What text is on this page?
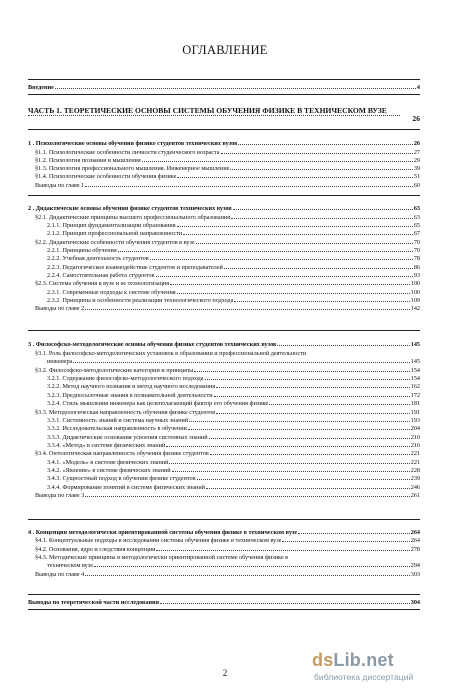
ОГЛАВЛЕНИЕ
Введение	4
ЧАСТЬ 1. ТЕОРЕТИЧЕСКИЕ ОСНОВЫ СИСТЕМЫ ОБУЧЕНИЯ ФИЗИКЕ В ТЕХНИЧЕСКОМ ВУЗЕ
26
1 . Психологические основы обучения физике студентов технических вузов	26
§1.1. Психологические особенности личности студенческого возраста	27
§1.2. Психология познания и мышления	29
§1.3. Психология профессионального мышления. Инженерное мышление	39
§1.4. Психологические особенности обучения физике	51
Выводы по главе 1	60
2 . Дидактические основы обучения физике студентов технических вузов	63
§2.1. Дидактические принципы высшего профессионального образования	63
2.1.1. Принцип фундаментализации образования	65
2.1.2. Принцип профессиональной направленности	67
§2.2. Дидактические особенности обучения студентов в вузе	70
2.2.1. Принципы обучения	70
2.2.2. Учебная деятельность студентов	78
2.2.3. Педагогическое взаимодействие студентов и преподавателей	86
2.2.4. Самостоятельная работа студентов	93
§2.3. Система обучения в вузе и ее технологизация	100
2.3.1. Современные подходы к системе обучения	100
2.3.2. Принципы и особенности реализации технологического подхода	109
Выводы по главе 2	142
3 . Философско-методологические основы обучения физике студентов технических вузов	145
§3.1. Роль философско-методологических установок в образовании и профессиональной деятельности
инженера	145
§3.2. Философско-методологические категории и принципы	154
3.2.1. Содержание философско-методологического подхода	154
3.2.2. Метод научного познания и метод научного исследования	162
3.2.3. Предпосылочные знания в познавательной деятельности	172
3.2.4. Стиль мышления инженера как целеполагающий фактор его обучения физике	181
§3.3. Методологическая направленность обучения физике студентов	191
3.3.1. Системность знаний и система научных знаний	193
3.3.2. Исследовательская направленность в обучении	204
3.3.3. Дидактические основания усвоения системных знаний	210
3.3.4. «Метод» в системе физических знаний	216
§3.4. Онтологическая направленность обучения физике студентов	221
3.4.1. «Модель» в системе физических знаний	221
3.4.2. «Явление» в системе физических знаний	228
3.4.3. Сущностный подход в обучении физике студентов	239
3.4.4. Формирование понятий в системе физических знаний	246
Выводы по главе 3	261
4 . Концепция методологически ориентированной системы обучения физике в техническом вузе	264
§4.1. Концептуальные подходы в исследовании системы обучения физике в техническом вузе	264
§4.2. Основания, ядро и следствия концепции	278
§4.3. Методические принципы в методологически ориентированной системе обучения физике в
техническом вузе	294
Выводы по главе 4	303
Выводы по теоретической части исследования	304
2
dsLib.net
библиотека диссертаций
